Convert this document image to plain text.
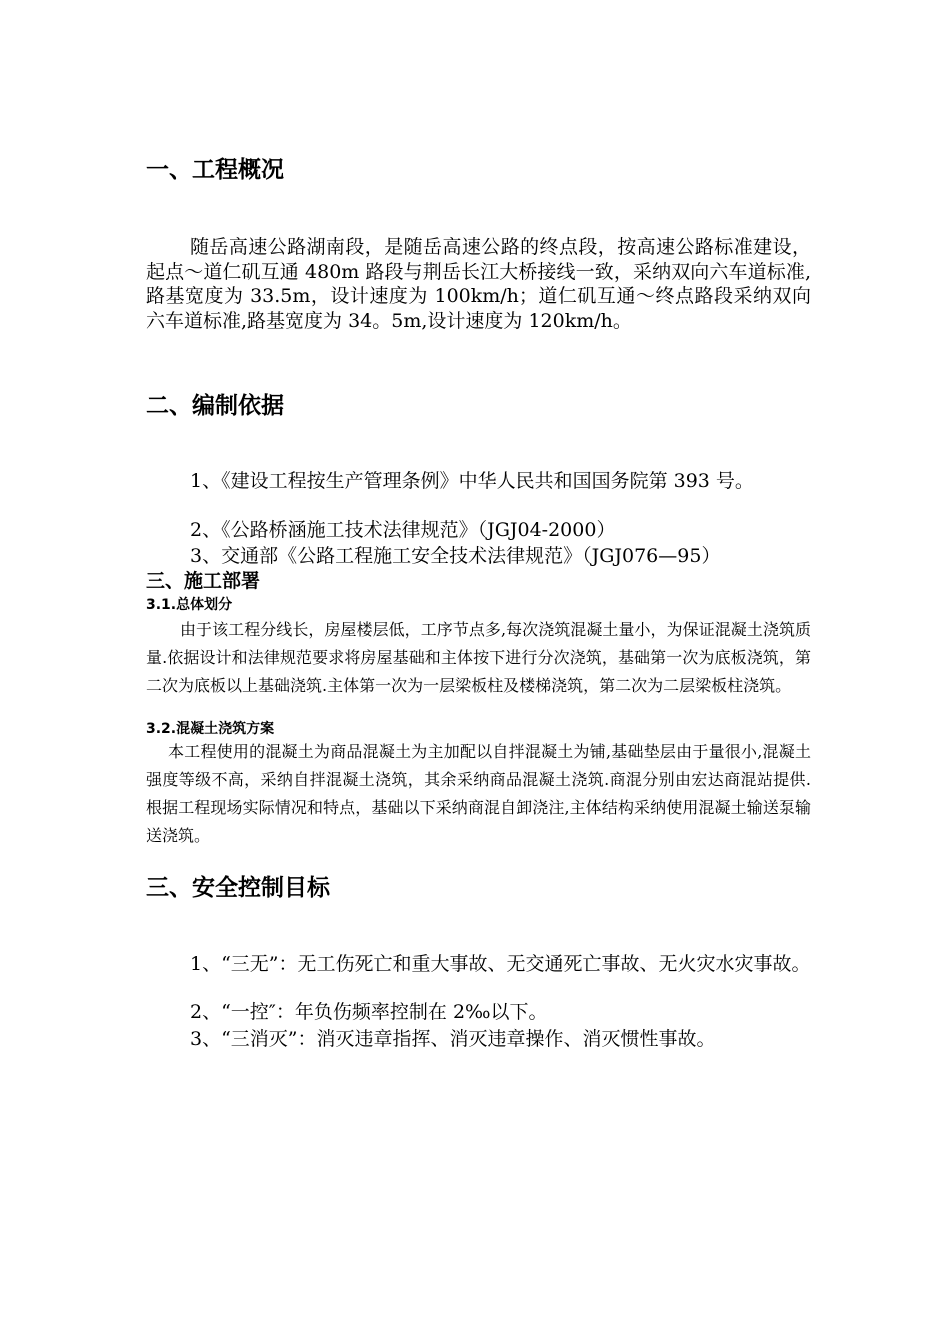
一、工程概况

随岳高速公路湖南段，是随岳高速公路的终点段，按高速公路标准建设，起点～道仁矶互通 480m 路段与荆岳长江大桥接线一致，采纳双向六车道标准,路基宽度为 33.5m，设计速度为 100km/h；道仁矶互通～终点路段采纳双向六车道标准,路基宽度为 34。5m,设计速度为 120km/h。

二、编制依据

1、《建设工程按生产管理条例》中华人民共和国国务院第 393 号。

2、《公路桥涵施工技术法律规范》（JGJ04-2000）

3、交通部《公路工程施工安全技术法律规范》（JGJ076—95）

三、施工部署
3.1.总体划分

由于该工程分线长，房屋楼层低，工序节点多,每次浇筑混凝土量小，为保证混凝土浇筑质量.依据设计和法律规范要求将房屋基础和主体按下进行分次浇筑，基础第一次为底板浇筑，第二次为底板以上基础浇筑.主体第一次为一层梁板柱及楼梯浇筑，第二次为二层梁板柱浇筑。

3.2.混凝土浇筑方案

本工程使用的混凝土为商品混凝土为主加配以自拌混凝土为铺,基础垫层由于量很小,混凝土强度等级不高，采纳自拌混凝土浇筑，其余采纳商品混凝土浇筑.商混分别由宏达商混站提供.根据工程现场实际情况和特点，基础以下采纳商混自卸浇注,主体结构采纳使用混凝土输送泵输送浇筑。

三、安全控制目标

1、“三无”：无工伤死亡和重大事故、无交通死亡事故、无火灾水灾事故。

2、“一控″：年负伤频率控制在 2‰以下。

3、“三消灭”：消灭违章指挥、消灭违章操作、消灭惯性事故。
